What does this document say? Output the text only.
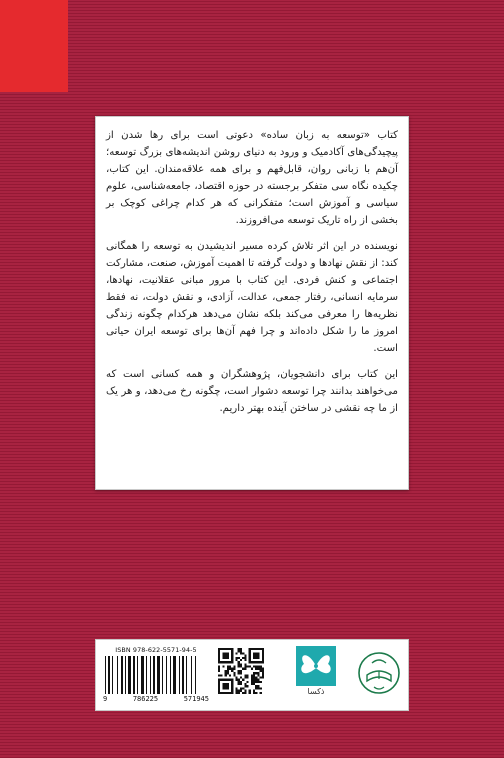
کتاب «توسعه به زبان ساده» دعوتی است برای رها شدن از پیچیدگی‌های آکادمیک و ورود به دنیای روشن اندیشه‌های بزرگ توسعه؛ آن‌هم با زبانی روان، قابل‌فهم و برای همه علاقه‌مندان. این کتاب، چکیده نگاه سی متفکر برجسته در حوزه اقتصاد، جامعه‌شناسی، علوم سیاسی و آموزش است؛ متفکرانی که هر کدام چراغی کوچک بر بخشی از راه تاریک توسعه می‌افروزند.

نویسنده در این اثر تلاش کرده مسیر اندیشیدن به توسعه را همگانی کند: از نقش نهادها و دولت گرفته تا اهمیت آموزش، صنعت، مشارکت اجتماعی و کنش فردی. این کتاب با مرور مبانی عقلانیت، نهادها، سرمایه انسانی، رفتار جمعی، عدالت، آزادی، و نقش دولت، نه فقط نظریه‌ها را معرفی می‌کند بلکه نشان می‌دهد هرکدام چگونه زندگی امروز ما را شکل داده‌اند و چرا فهم آن‌ها برای توسعه ایران حیاتی است.

این کتاب برای دانشجویان، پژوهشگران و همه کسانی است که می‌خواهند بدانند چرا توسعه دشوار است، چگونه رخ می‌دهد، و هر یک از ما چه نقشی در ساختن آینده بهتر داریم.

ISBN 978-622-5571-94-5
9	786225	571945
ذکسا
